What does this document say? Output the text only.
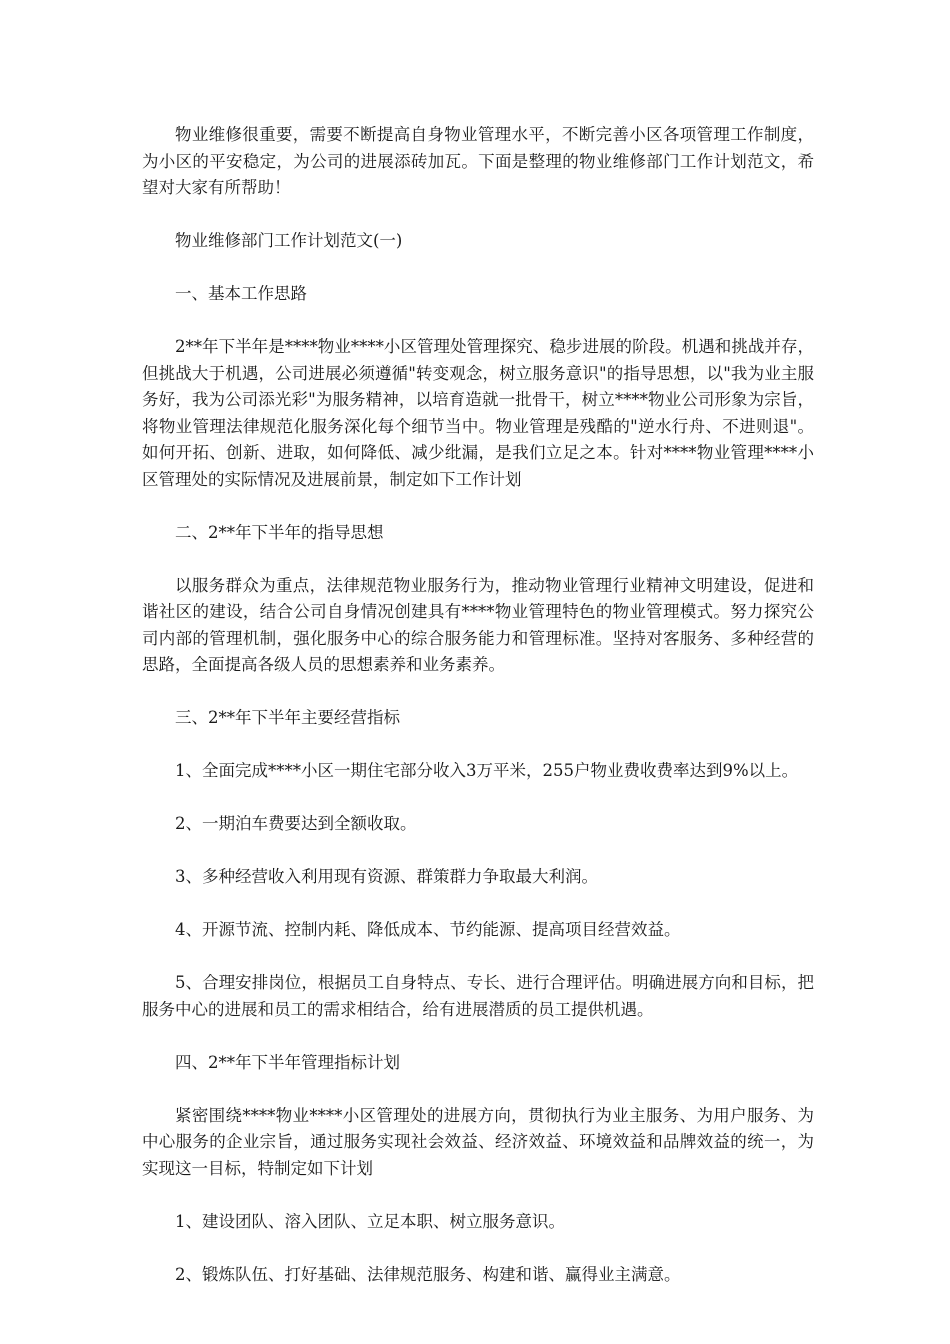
物业维修很重要，需要不断提高自身物业管理水平，不断完善小区各项管理工作制度，为小区的平安稳定，为公司的进展添砖加瓦。下面是整理的物业维修部门工作计划范文，希望对大家有所帮助！

物业维修部门工作计划范文(一)

一、基本工作思路

2**年下半年是****物业****小区管理处管理探究、稳步进展的阶段。机遇和挑战并存，但挑战大于机遇，公司进展必须遵循"转变观念，树立服务意识"的指导思想，以"我为业主服务好，我为公司添光彩"为服务精神，以培育造就一批骨干，树立****物业公司形象为宗旨，将物业管理法律规范化服务深化每个细节当中。物业管理是残酷的"逆水行舟、不进则退"。如何开拓、创新、进取，如何降低、减少纰漏，是我们立足之本。针对****物业管理****小区管理处的实际情况及进展前景，制定如下工作计划

二、2**年下半年的指导思想

以服务群众为重点，法律规范物业服务行为，推动物业管理行业精神文明建设，促进和谐社区的建设，结合公司自身情况创建具有****物业管理特色的物业管理模式。努力探究公司内部的管理机制，强化服务中心的综合服务能力和管理标准。坚持对客服务、多种经营的思路，全面提高各级人员的思想素养和业务素养。

三、2**年下半年主要经营指标

1、全面完成****小区一期住宅部分收入3万平米，255户物业费收费率达到9%以上。

2、一期泊车费要达到全额收取。

3、多种经营收入利用现有资源、群策群力争取最大利润。

4、开源节流、控制内耗、降低成本、节约能源、提高项目经营效益。

5、合理安排岗位，根据员工自身特点、专长、进行合理评估。明确进展方向和目标，把服务中心的进展和员工的需求相结合，给有进展潜质的员工提供机遇。

四、2**年下半年管理指标计划

紧密围绕****物业****小区管理处的进展方向，贯彻执行为业主服务、为用户服务、为中心服务的企业宗旨，通过服务实现社会效益、经济效益、环境效益和品牌效益的统一，为实现这一目标，特制定如下计划

1、建设团队、溶入团队、立足本职、树立服务意识。

2、锻炼队伍、打好基础、法律规范服务、构建和谐、赢得业主满意。
